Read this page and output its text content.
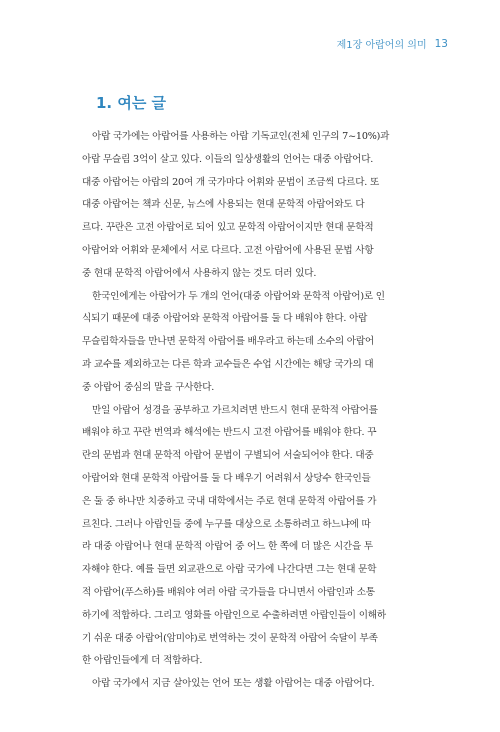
제1장 아랍어의 의미 13
1. 여는 글

아랍 국가에는 아랍어를 사용하는 아랍 기독교인(전체 인구의 7~10%)과
아랍 무슬림 3억이 살고 있다. 이들의 일상생활의 언어는 대중 아랍어다.
대중 아랍어는 아랍의 20여 개 국가마다 어휘와 문법이 조금씩 다르다. 또
대중 아랍어는 책과 신문, 뉴스에 사용되는 현대 문학적 아랍어와도 다
르다. 꾸란은 고전 아랍어로 되어 있고 문학적 아랍어이지만 현대 문학적
아랍어와 어휘와 문체에서 서로 다르다. 고전 아랍어에 사용된 문법 사항
중 현대 문학적 아랍어에서 사용하지 않는 것도 더러 있다.

한국인에게는 아랍어가 두 개의 언어(대중 아랍어와 문학적 아랍어)로 인
식되기 때문에 대중 아랍어와 문학적 아랍어를 둘 다 배워야 한다. 아랍
무슬림학자들을 만나면 문학적 아랍어를 배우라고 하는데 소수의 아랍어
과 교수를 제외하고는 다른 학과 교수들은 수업 시간에는 해당 국가의 대
중 아랍어 중심의 말을 구사한다.

만일 아랍어 성경을 공부하고 가르치려면 반드시 현대 문학적 아랍어를
배워야 하고 꾸란 번역과 해석에는 반드시 고전 아랍어를 배워야 한다. 꾸
란의 문법과 현대 문학적 아랍어 문법이 구별되어 서술되어야 한다. 대중
아랍어와 현대 문학적 아랍어를 둘 다 배우기 어려워서 상당수 한국인들
은 둘 중 하나만 치중하고 국내 대학에서는 주로 현대 문학적 아랍어를 가
르친다. 그러나 아랍인들 중에 누구를 대상으로 소통하려고 하느냐에 따
라 대중 아랍어나 현대 문학적 아랍어 중 어느 한 쪽에 더 많은 시간을 투
자해야 한다. 예를 들면 외교관으로 아랍 국가에 나간다면 그는 현대 문학
적 아랍어(푸스하)를 배워야 여러 아랍 국가들을 다니면서 아랍인과 소통
하기에 적합하다. 그리고 영화를 아랍인으로 수출하려면 아랍인들이 이해하
기 쉬운 대중 아랍어(암미야)로 번역하는 것이 문학적 아랍어 숙달이 부족
한 아랍인들에게 더 적합하다.

아랍 국가에서 지금 살아있는 언어 또는 생활 아랍어는 대중 아랍어다.
